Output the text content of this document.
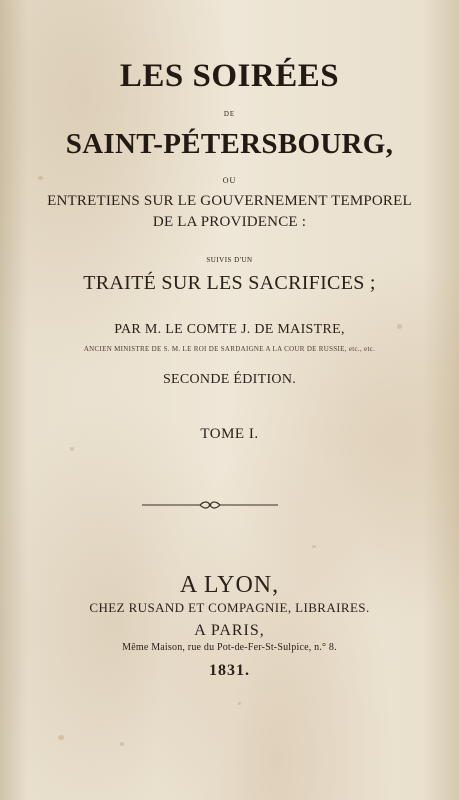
LES SOIRÉES
DE
SAINT-PÉTERSBOURG,
OU
ENTRETIENS SUR LE GOUVERNEMENT TEMPOREL
DE LA PROVIDENCE :
SUIVIS D'UN
TRAITÉ SUR LES SACRIFICES ;
PAR M. LE COMTE J. DE MAISTRE,
ANCIEN MINISTRE DE S. M. LE ROI DE SARDAIGNE A LA COUR DE RUSSIE, etc., etc.
SECONDE ÉDITION.
TOME I.
A LYON,
CHEZ RUSAND ET COMPAGNIE, LIBRAIRES.
A PARIS,
Même Maison, rue du Pot-de-Fer-St-Sulpice, n.° 8.
1831.
